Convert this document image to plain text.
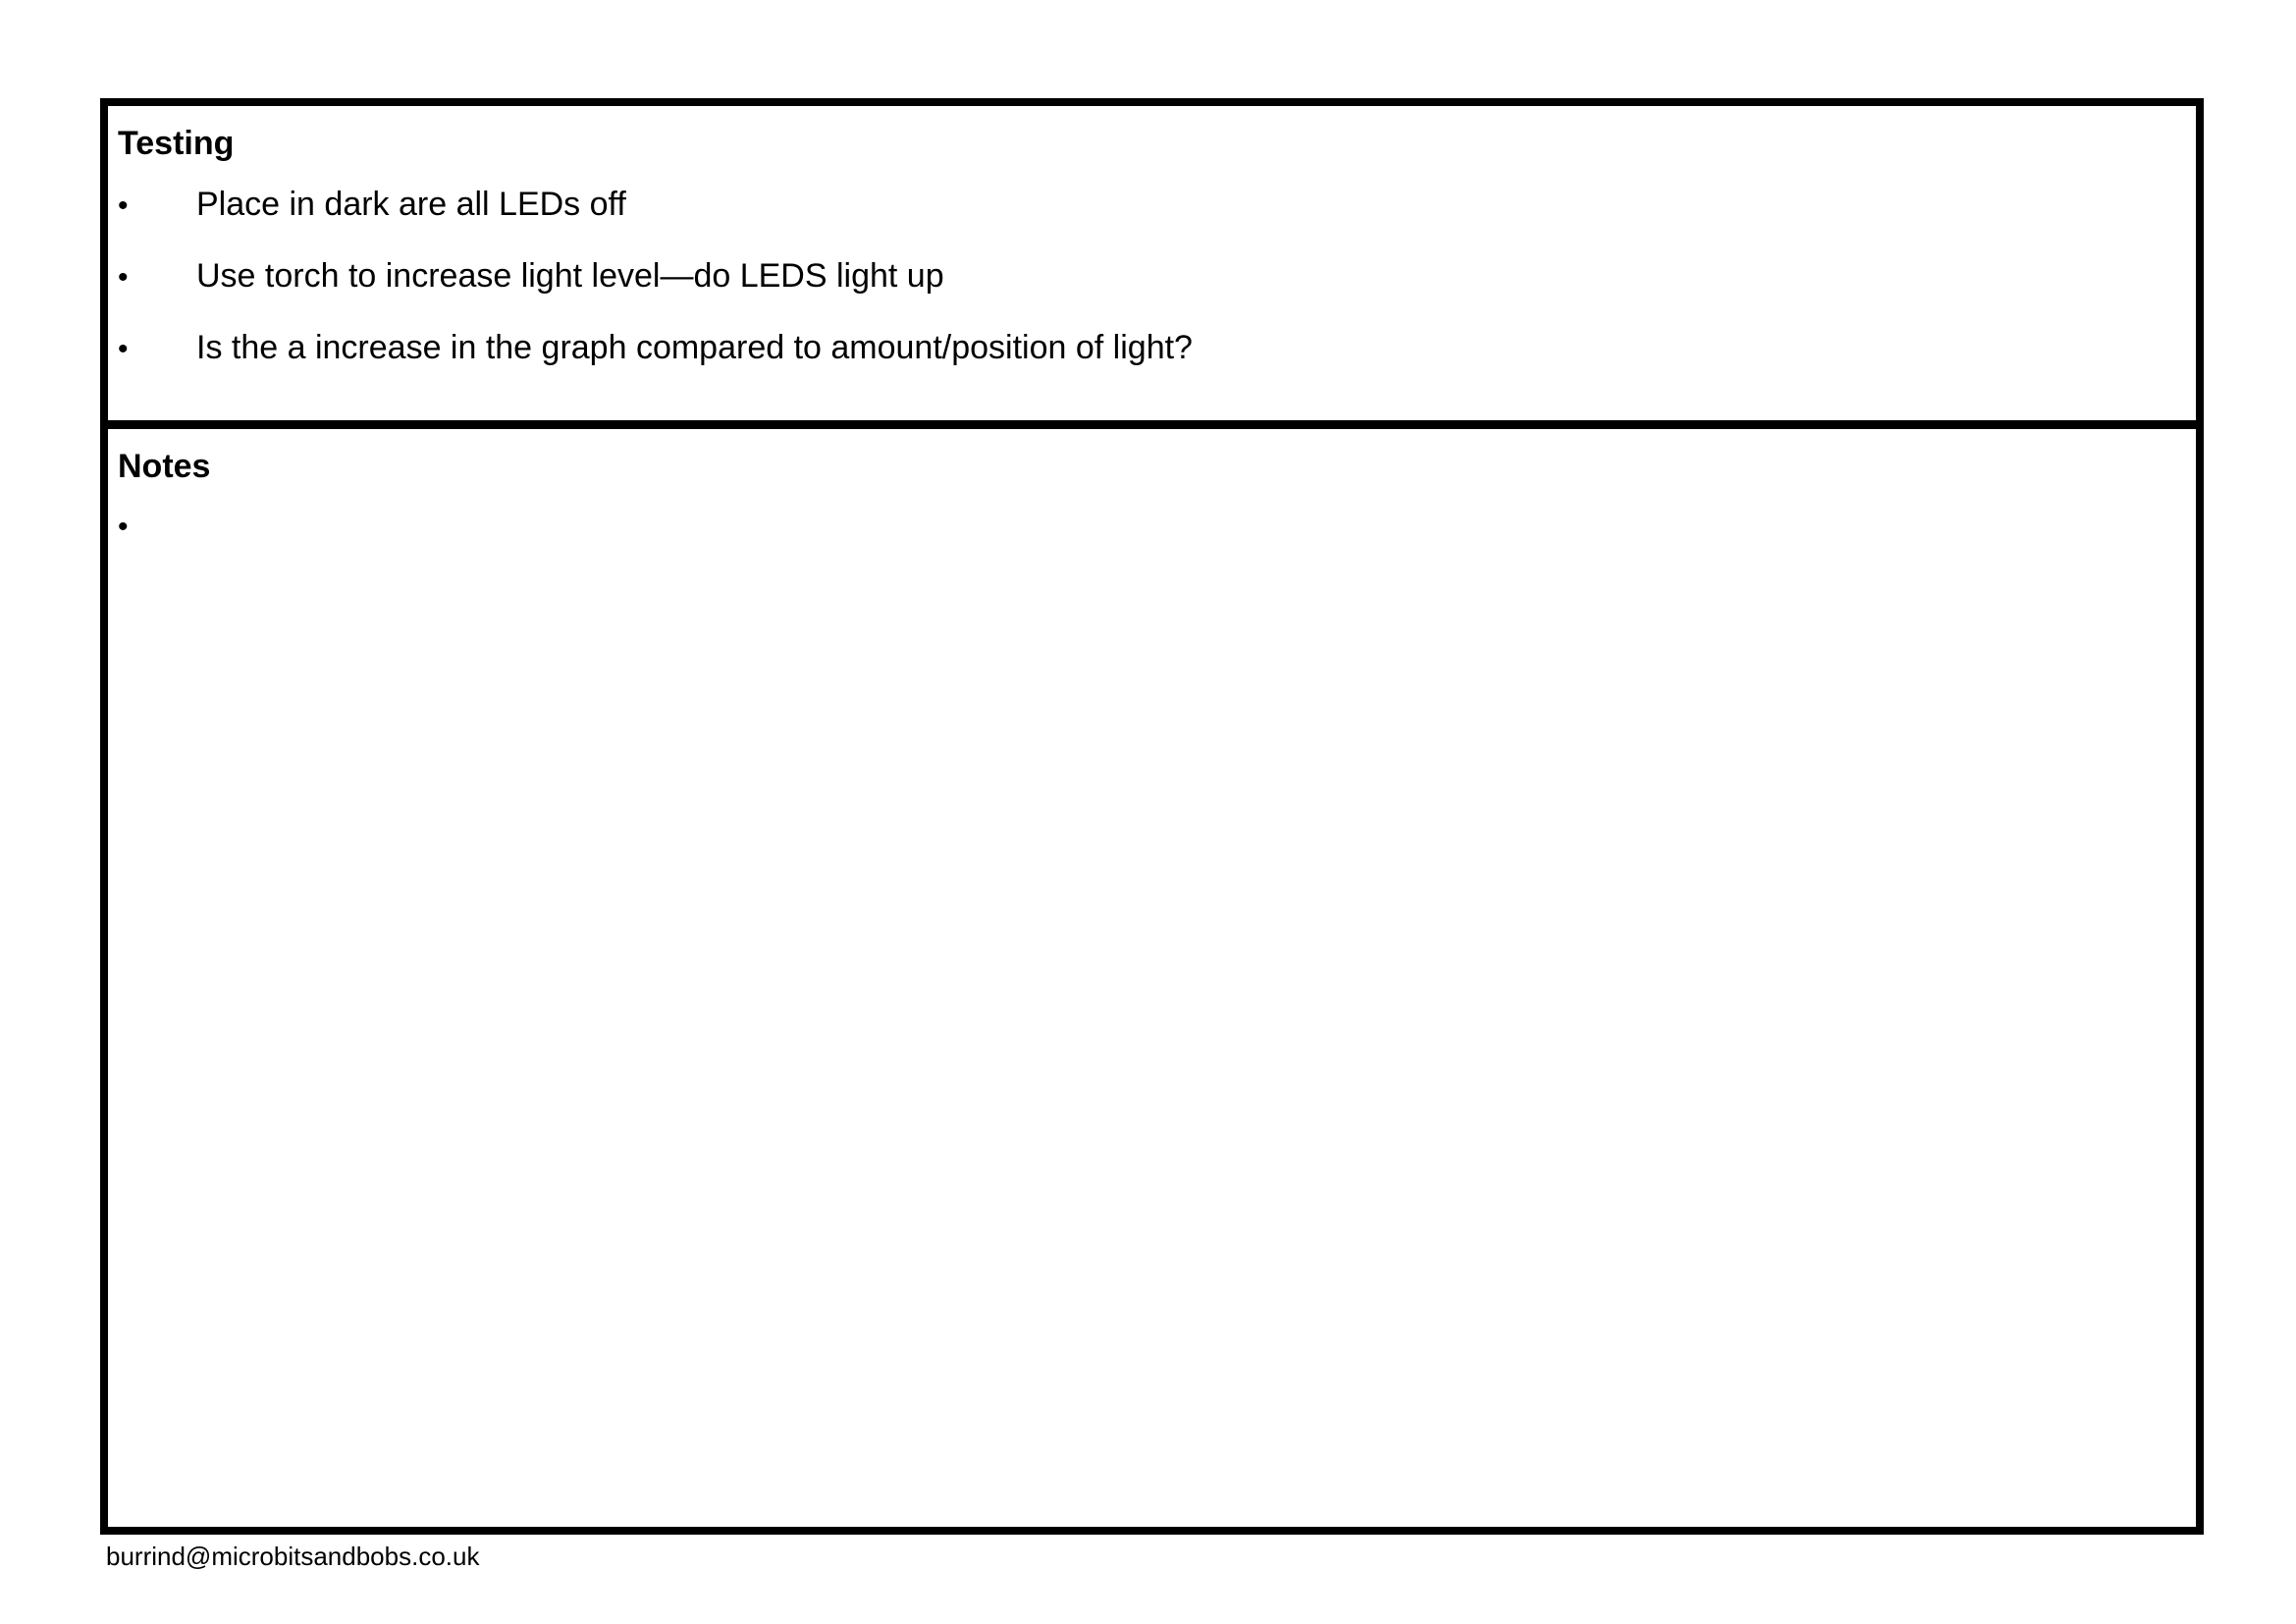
Testing
•	Place in dark are all LEDs off
•	Use torch to increase light level—do LEDS light up
•	Is the a increase in the graph compared to amount/position of light?
Notes
•
burrind@microbitsandbobs.co.uk
